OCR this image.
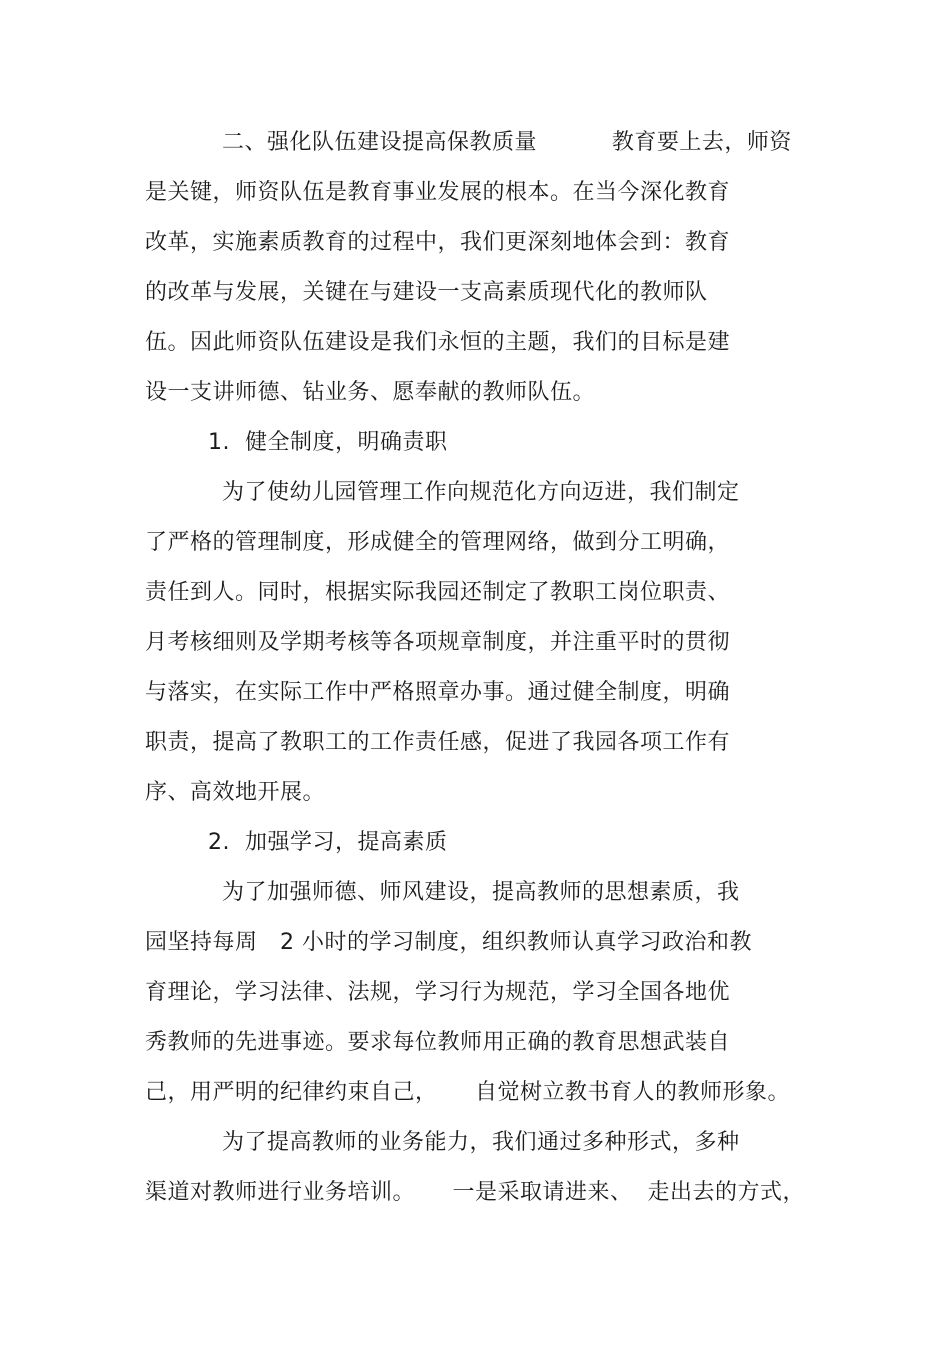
二、强化队伍建设提高保教质量          教育要上去，师资
是关键，师资队伍是教育事业发展的根本。在当今深化教育
改革，实施素质教育的过程中，我们更深刻地体会到：教育
的改革与发展，关键在与建设一支高素质现代化的教师队
伍。因此师资队伍建设是我们永恒的主题，我们的目标是建
设一支讲师德、钻业务、愿奉献的教师队伍。
1.  健全制度，明确责职
为了使幼儿园管理工作向规范化方向迈进，我们制定
了严格的管理制度，形成健全的管理网络，做到分工明确，
责任到人。同时，根据实际我园还制定了教职工岗位职责、
月考核细则及学期考核等各项规章制度，并注重平时的贯彻
与落实，在实际工作中严格照章办事。通过健全制度，明确
职责，提高了教职工的工作责任感，促进了我园各项工作有
序、高效地开展。
2.  加强学习，提高素质
为了加强师德、师风建设，提高教师的思想素质，我
园坚持每周   2 小时的学习制度，组织教师认真学习政治和教
育理论，学习法律、法规，学习行为规范，学习全国各地优
秀教师的先进事迹。要求每位教师用正确的教育思想武装自
己，用严明的纪律约束自己，     自觉树立教书育人的教师形象。
为了提高教师的业务能力，我们通过多种形式，多种
渠道对教师进行业务培训。     一是采取请进来、  走出去的方式，
